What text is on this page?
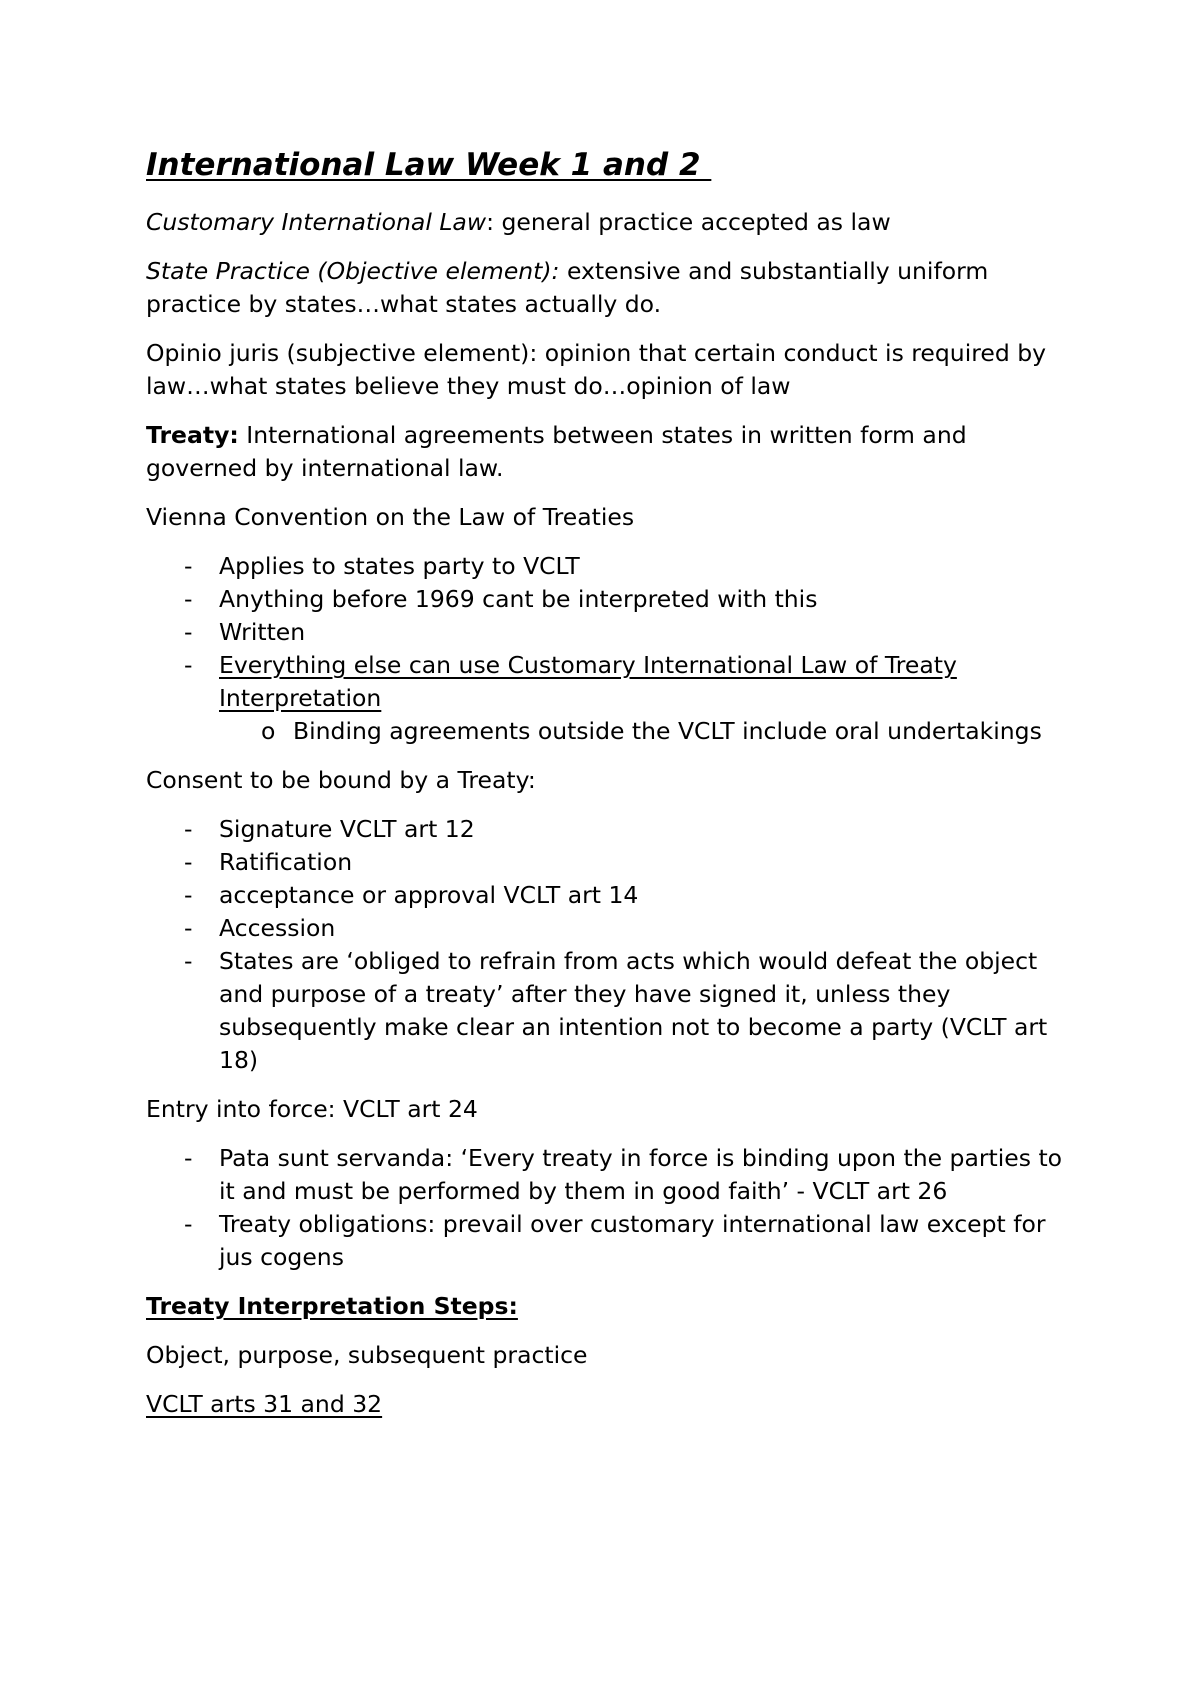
International Law Week 1 and 2

Customary International Law: general practice accepted as law

State Practice (Objective element): extensive and substantially uniform practice by states…what states actually do.

Opinio juris (subjective element): opinion that certain conduct is required by law…what states believe they must do…opinion of law

Treaty: International agreements between states in written form and governed by international law.

Vienna Convention on the Law of Treaties

- Applies to states party to VCLT
- Anything before 1969 cant be interpreted with this
- Written
- Everything else can use Customary International Law of Treaty Interpretation
o Binding agreements outside the VCLT include oral undertakings

Consent to be bound by a Treaty:

- Signature VCLT art 12
- Ratification
- acceptance or approval VCLT art 14
- Accession
- States are ‘obliged to refrain from acts which would defeat the object and purpose of a treaty’ after they have signed it, unless they subsequently make clear an intention not to become a party (VCLT art 18)

Entry into force: VCLT art 24

- Pata sunt servanda: ‘Every treaty in force is binding upon the parties to it and must be performed by them in good faith’ - VCLT art 26
- Treaty obligations: prevail over customary international law except for jus cogens

Treaty Interpretation Steps:

Object, purpose, subsequent practice

VCLT arts 31 and 32
